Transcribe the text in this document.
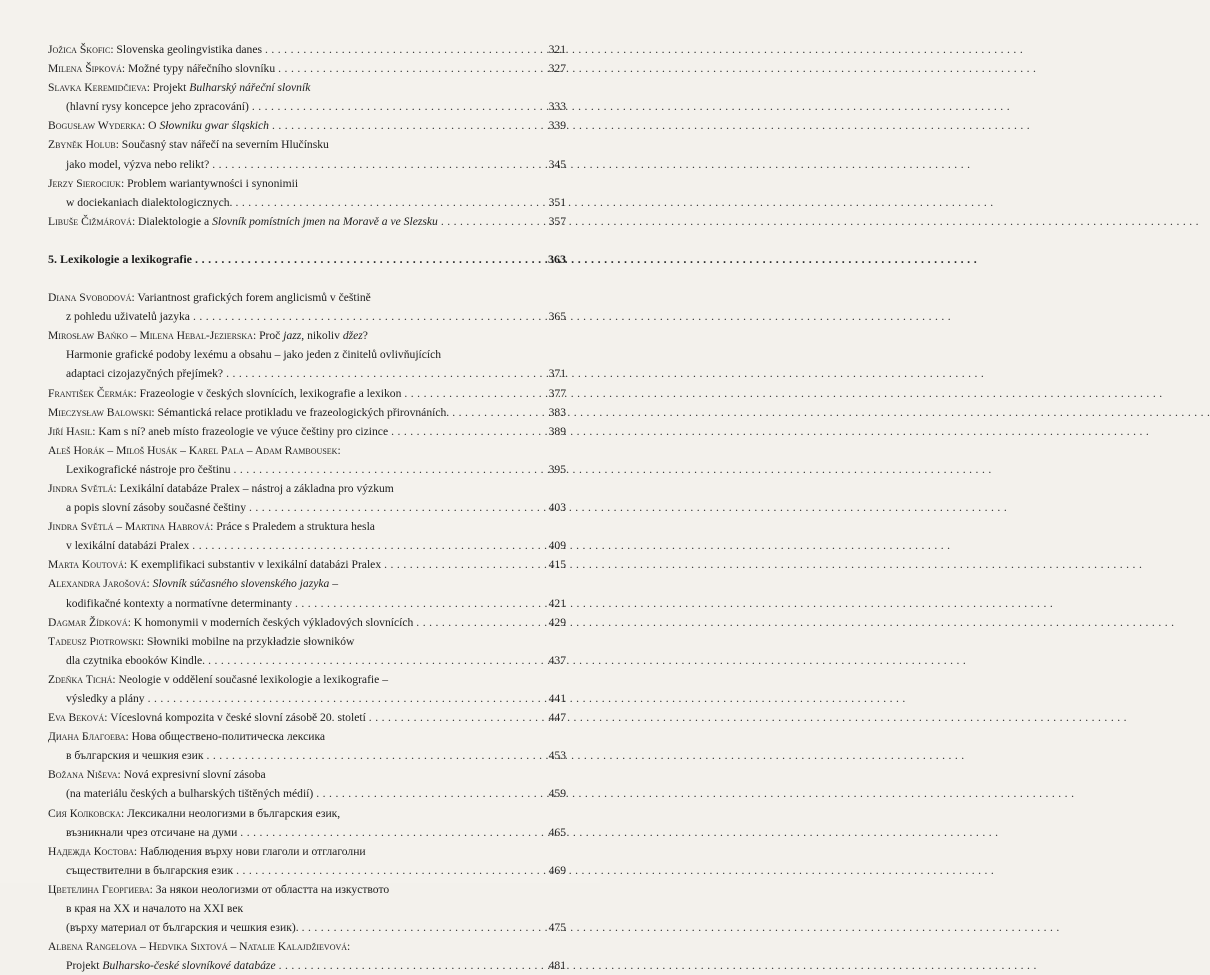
Jožica Škofic: Slovenska geolingvistika danes . . .	321
Milena Šipková: Možné typy nářečního slovníku . . .	327
Slavka Keremidčieva: Projekt Bulharský nářeční slovník
(hlavní rysy koncepce jeho zpracování) . . .	333
Bogusław Wyderka: O Słowniku gwar śląskich . . .	339
Zbyněk Holub: Současný stav nářečí na severním Hlučínsku
jako model, výzva nebo relikt? . . .	345
Jerzy Sierociuk: Problem wariantywności i synonimii
w dociekaniach dialektologicznych. . . .	351
Libuše Čižmárová: Dialektologie a Slovník pomístních jmen na Moravě a ve Slezsku . . .	357
5. Lexikologie a lexikografie . . .	363
Diana Svobodová: Variantnost grafických forem anglicismů v češtině
z pohledu uživatelů jazyka . . .	365
Mirosław Bańko – Milena Hebal-Jezierska: Proč jazz, nikoliv džez?
Harmonie grafické podoby lexému a obsahu – jako jeden z činitelů ovlivňujících
adaptaci cizojazyčných přejímek? . . .	371
František Čermák: Frazeologie v českých slovnících, lexikografie a lexikon . . .	377
Mieczysław Balowski: Sémantická relace protikladu ve frazeologických přirovnáních. . . .	383
Jiří Hasil: Kam s ní? aneb místo frazeologie ve výuce češtiny pro cizince . . .	389
Aleš Horák – Miloš Husák – Karel Pala – Adam Rambousek:
Lexikografické nástroje pro češtinu . . .	395
Jindra Světlá: Lexikální databáze Pralex – nástroj a základna pro výzkum
a popis slovní zásoby současné češtiny . . .	403
Jindra Světlá – Martina Habrová: Práce s Praledem a struktura hesla
v lexikální databázi Pralex . . .	409
Marta Koutová: K exemplifikaci substantiv v lexikální databázi Pralex . . .	415
Alexandra Jarošová: Slovník súčasného slovenského jazyka –
kodifikačné kontexty a normatívne determinanty . . .	421
Dagmar Žídková: K homonymii v moderních českých výkladových slovnících . . .	429
Tadeusz Piotrowski: Słowniki mobilne na przykładzie słowników
dla czytnika ebooków Kindle. . . .	437
Zdeňka Tichá: Neologie v oddělení současné lexikologie a lexikografie –
výsledky a plány . . .	441
Eva Beková: Víceslovná kompozita v české slovní zásobě 20. století . . .	447
Диана Благоева: Нова обществено-политическа лексика
в българския и чешкия език . . .	453
Božana Niševa: Nová expresivní slovní zásoba
(na materiálu českých a bulharských tištěných médií) . . .	459
Сия Колковска: Лексикални неологизми в българския език,
възникнали чрез отсичане на думи . . .	465
Надежда Костова: Наблюдения върху нови глаголи и отглаголни
съществителни в българския език . . .	469
Цветелина Георгиева: За някои неологизми от областта на изкуството
в края на XX и началото на XXI век
(върху материал от българския и чешкия език). . . .	475
Albena Rangelova – Hedvika Sixtová – Natalie Kalajdžievová:
Projekt Bulharsko-české slovníkové databáze . . .	481
